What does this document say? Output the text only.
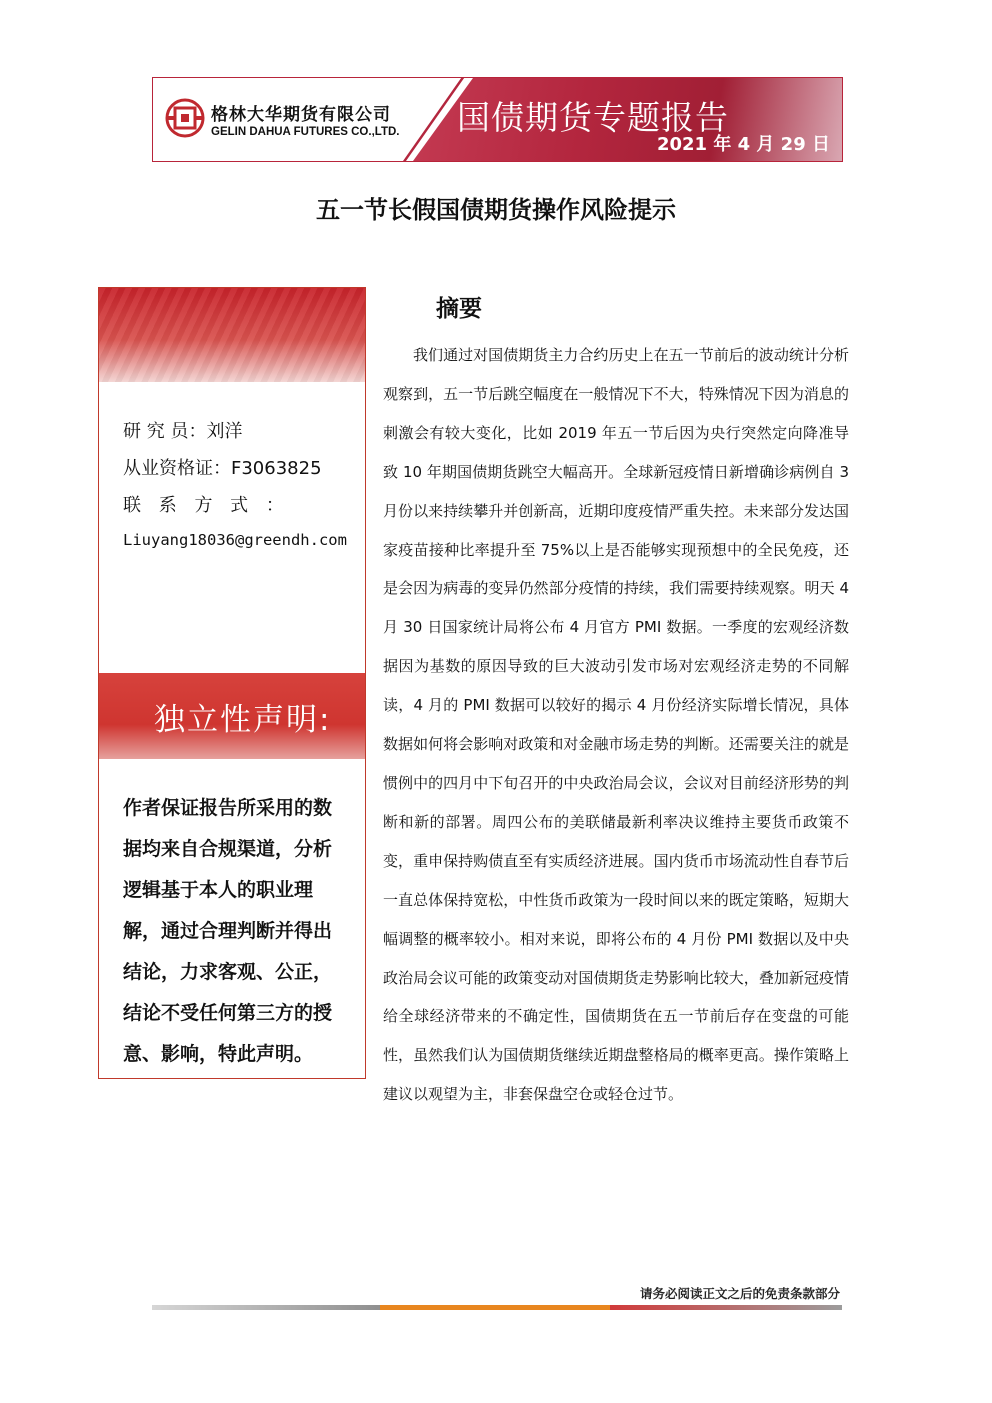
格林大华期货有限公司
GELIN DAHUA FUTURES CO.,LTD. 国债期货专题报告
2021 年 4 月 29 日
五一节长假国债期货操作风险提示
研 究 员：刘洋
从业资格证：F3063825
联 系 方 式 ：
Liuyang18036@greendh.com
独立性声明:
作者保证报告所采用的数据均来自合规渠道，分析逻辑基于本人的职业理解，通过合理判断并得出结论，力求客观、公正，结论不受任何第三方的授意、影响，特此声明。
摘要
我们通过对国债期货主力合约历史上在五一节前后的波动统计分析观察到，五一节后跳空幅度在一般情况下不大，特殊情况下因为消息的刺激会有较大变化，比如 2019 年五一节后因为央行突然定向降准导致 10 年期国债期货跳空大幅高开。全球新冠疫情日新增确诊病例自 3 月份以来持续攀升并创新高，近期印度疫情严重失控。未来部分发达国家疫苗接种比率提升至 75%以上是否能够实现预想中的全民免疫，还是会因为病毒的变异仍然部分疫情的持续，我们需要持续观察。明天 4 月 30 日国家统计局将公布 4 月官方 PMI 数据。一季度的宏观经济数据因为基数的原因导致的巨大波动引发市场对宏观经济走势的不同解读，4 月的 PMI 数据可以较好的揭示 4 月份经济实际增长情况，具体数据如何将会影响对政策和对金融市场走势的判断。还需要关注的就是惯例中的四月中下旬召开的中央政治局会议，会议对目前经济形势的判断和新的部署。周四公布的美联储最新利率决议维持主要货币政策不变，重申保持购债直至有实质经济进展。国内货币市场流动性自春节后一直总体保持宽松，中性货币政策为一段时间以来的既定策略，短期大幅调整的概率较小。相对来说，即将公布的 4 月份 PMI 数据以及中央政治局会议可能的政策变动对国债期货走势影响比较大，叠加新冠疫情给全球经济带来的不确定性，国债期货在五一节前后存在变盘的可能性，虽然我们认为国债期货继续近期盘整格局的概率更高。操作策略上建议以观望为主，非套保盘空仓或轻仓过节。
请务必阅读正文之后的免责条款部分
